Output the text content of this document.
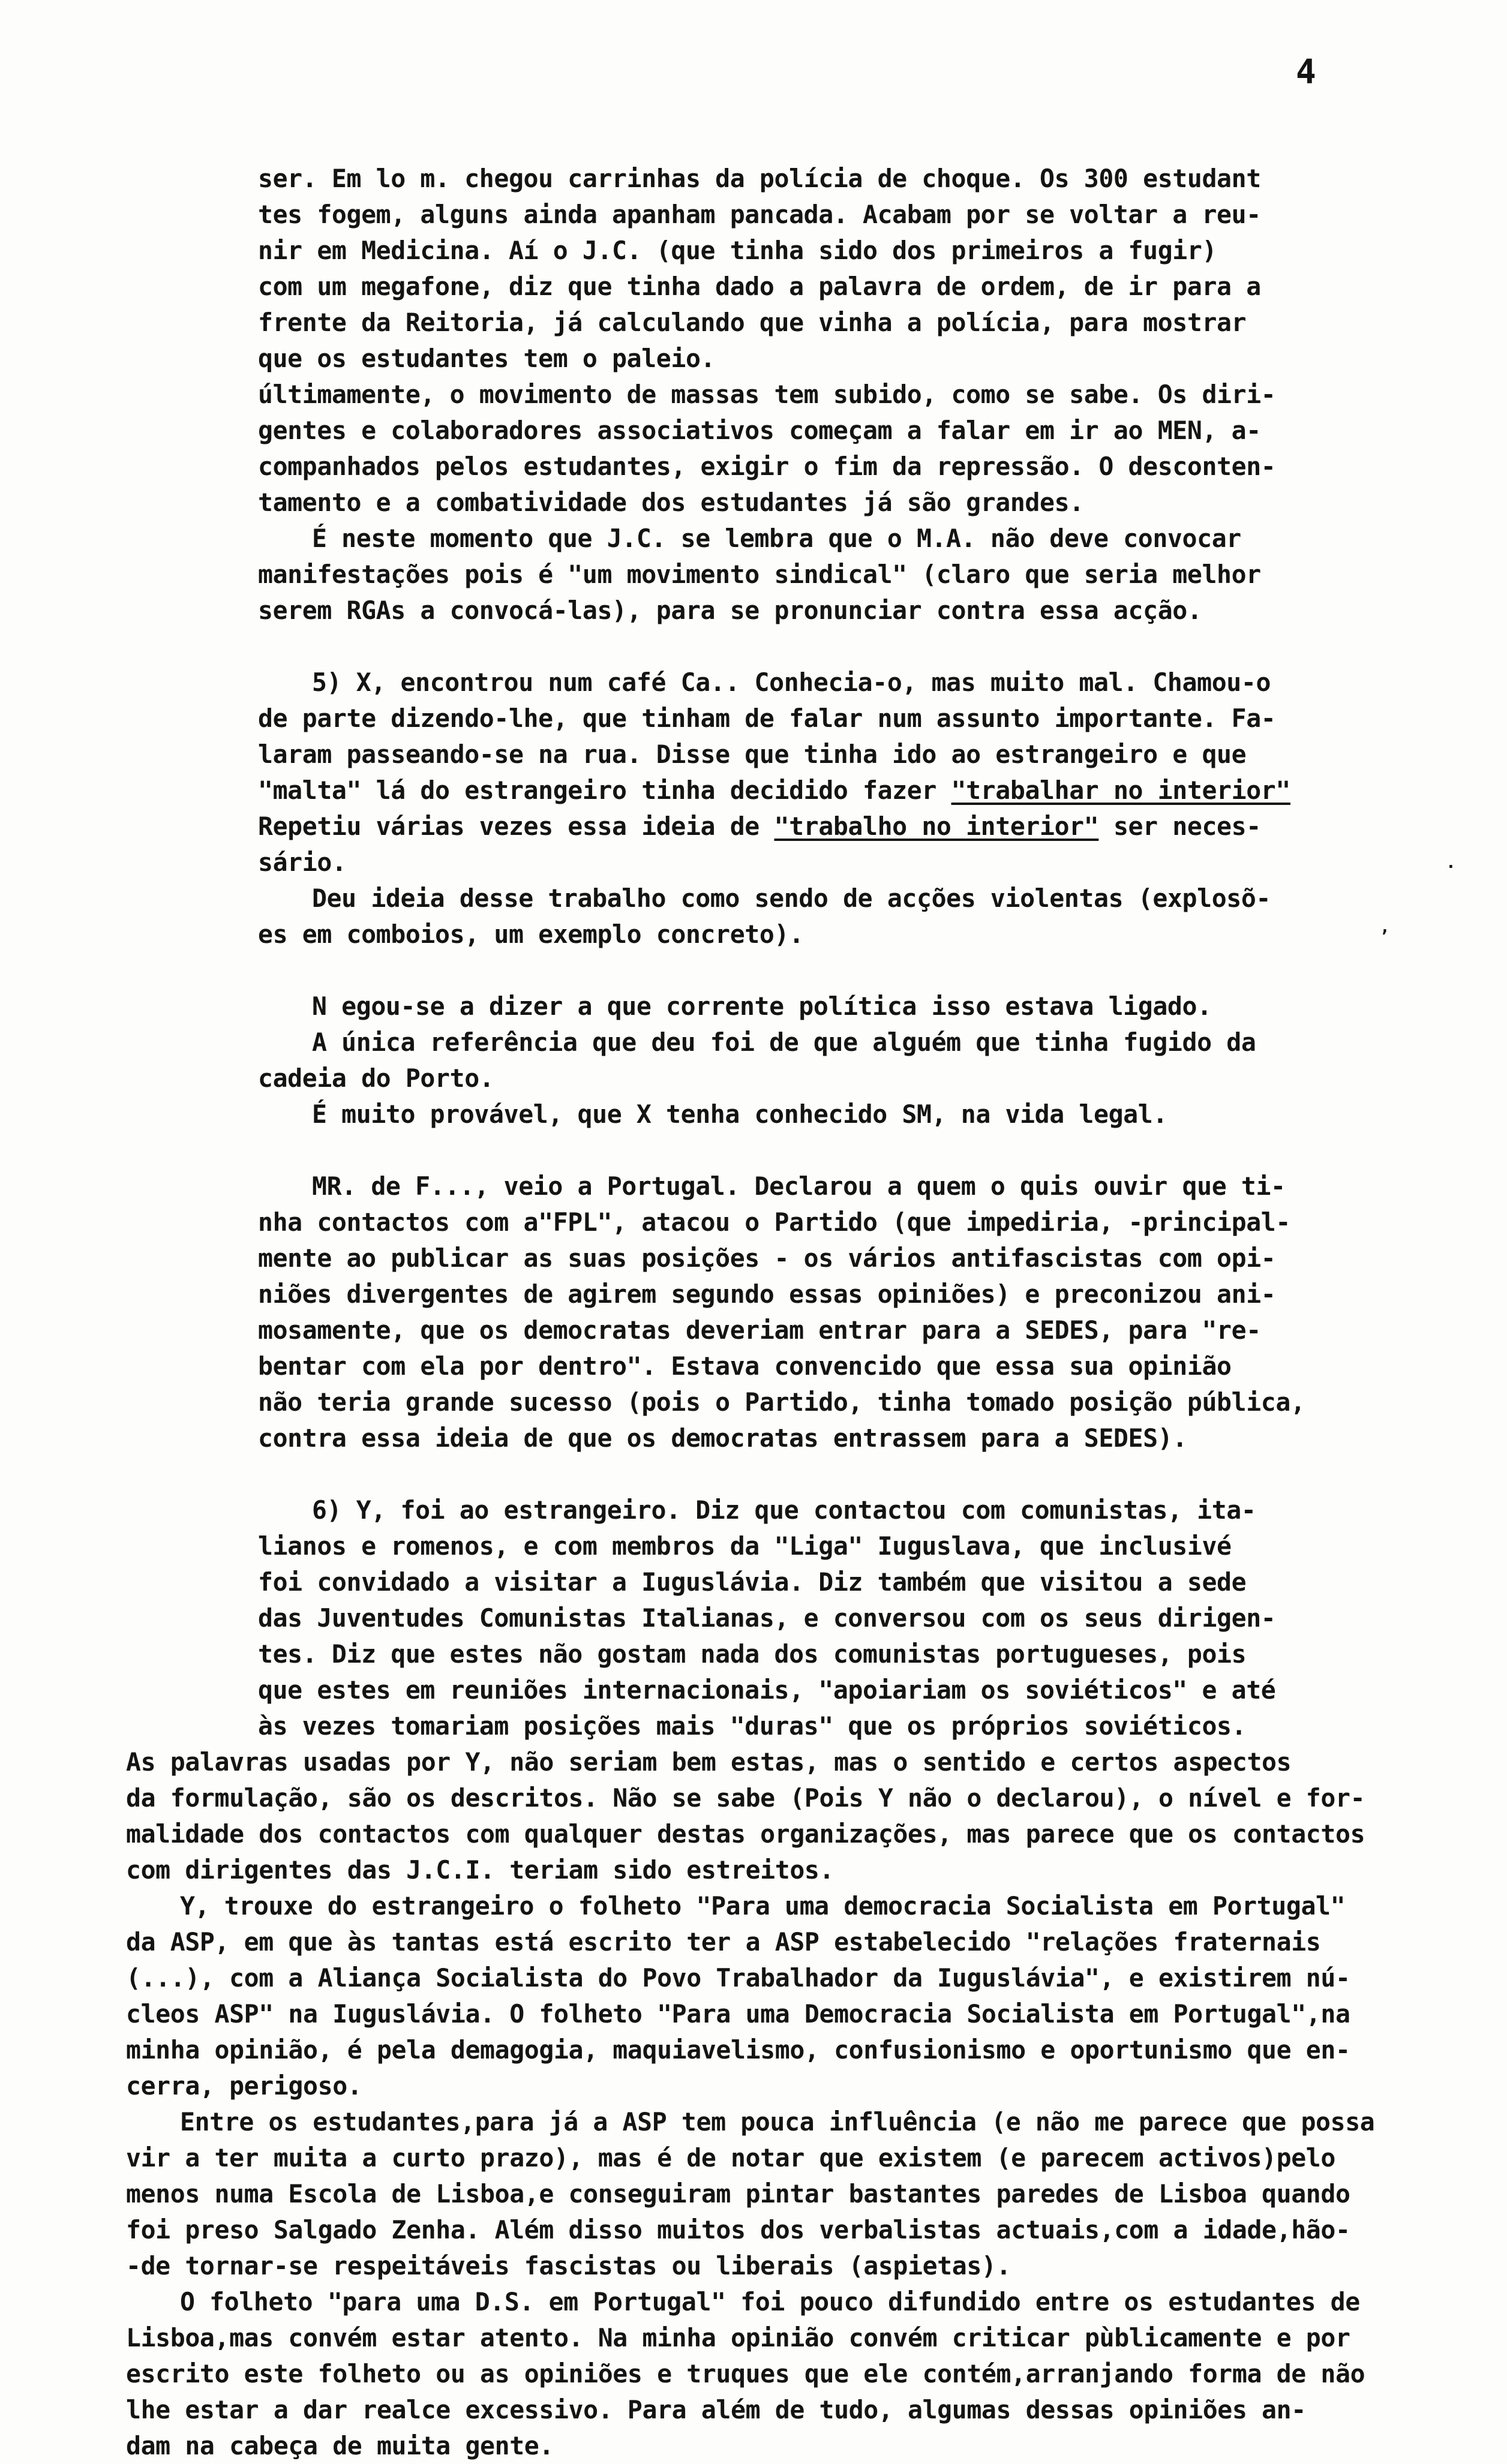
4
ser. Em lo m. chegou carrinhas da polícia de choque. Os 300 estudant
tes fogem, alguns ainda apanham pancada. Acabam por se voltar a reu-
nir em Medicina. Aí o J.C. (que tinha sido dos primeiros a fugir)
com um megafone, diz que tinha dado a palavra de ordem, de ir para a
frente da Reitoria, já calculando que vinha a polícia, para mostrar
que os estudantes tem o paleio.
últimamente, o movimento de massas tem subido, como se sabe. Os diri-
gentes e colaboradores associativos começam a falar em ir ao MEN, a-
companhados pelos estudantes, exigir o fim da repressão. O desconten-
tamento e a combatividade dos estudantes já são grandes.
É neste momento que J.C. se lembra que o M.A. não deve convocar
manifestações pois é "um movimento sindical" (claro que seria melhor
serem RGAs a convocá-las), para se pronunciar contra essa acção.
5) X, encontrou num café Ca.. Conhecia-o, mas muito mal. Chamou-o
de parte dizendo-lhe, que tinham de falar num assunto importante. Fa-
laram passeando-se na rua. Disse que tinha ido ao estrangeiro e que
"malta" lá do estrangeiro tinha decidido fazer "trabalhar no interior"
Repetiu várias vezes essa ideia de "trabalho no interior" ser neces-
sário.
Deu ideia desse trabalho como sendo de acções violentas (explosõ-
es em comboios, um exemplo concreto).
N egou-se a dizer a que corrente política isso estava ligado.
A única referência que deu foi de que alguém que tinha fugido da
cadeia do Porto.
É muito provável, que X tenha conhecido SM, na vida legal.
MR. de F..., veio a Portugal. Declarou a quem o quis ouvir que ti-
nha contactos com a"FPL", atacou o Partido (que impediria, -principal-
mente ao publicar as suas posições - os vários antifascistas com opi-
niões divergentes de agirem segundo essas opiniões) e preconizou ani-
mosamente, que os democratas deveriam entrar para a SEDES, para "re-
bentar com ela por dentro". Estava convencido que essa sua opinião
não teria grande sucesso (pois o Partido, tinha tomado posição pública,
contra essa ideia de que os democratas entrassem para a SEDES).
6) Y, foi ao estrangeiro. Diz que contactou com comunistas, ita-
lianos e romenos, e com membros da "Liga" Iuguslava, que inclusivé
foi convidado a visitar a Iuguslávia. Diz também que visitou a sede
das Juventudes Comunistas Italianas, e conversou com os seus dirigen-
tes. Diz que estes não gostam nada dos comunistas portugueses, pois
que estes em reuniões internacionais, "apoiariam os soviéticos" e até
às vezes tomariam posições mais "duras" que os próprios soviéticos.
As palavras usadas por Y, não seriam bem estas, mas o sentido e certos aspectos
da formulação, são os descritos. Não se sabe (Pois Y não o declarou), o nível e for-
malidade dos contactos com qualquer destas organizações, mas parece que os contactos
com dirigentes das J.C.I. teriam sido estreitos.
Y, trouxe do estrangeiro o folheto "Para uma democracia Socialista em Portugal"
da ASP, em que às tantas está escrito ter a ASP estabelecido "relações fraternais
(...), com a Aliança Socialista do Povo Trabalhador da Iuguslávia", e existirem nú-
cleos ASP" na Iuguslávia. O folheto "Para uma Democracia Socialista em Portugal",na
minha opinião, é pela demagogia, maquiavelismo, confusionismo e oportunismo que en-
cerra, perigoso.
Entre os estudantes,para já a ASP tem pouca influência (e não me parece que possa
vir a ter muita a curto prazo), mas é de notar que existem (e parecem activos)pelo
menos numa Escola de Lisboa,e conseguiram pintar bastantes paredes de Lisboa quando
foi preso Salgado Zenha. Além disso muitos dos verbalistas actuais,com a idade,hão-
-de tornar-se respeitáveis fascistas ou liberais (aspietas).
O folheto "para uma D.S. em Portugal" foi pouco difundido entre os estudantes de
Lisboa,mas convém estar atento. Na minha opinião convém criticar pùblicamente e por
escrito este folheto ou as opiniões e truques que ele contém,arranjando forma de não
lhe estar a dar realce excessivo. Para além de tudo, algumas dessas opiniões an-
dam na cabeça de muita gente.
·
,
